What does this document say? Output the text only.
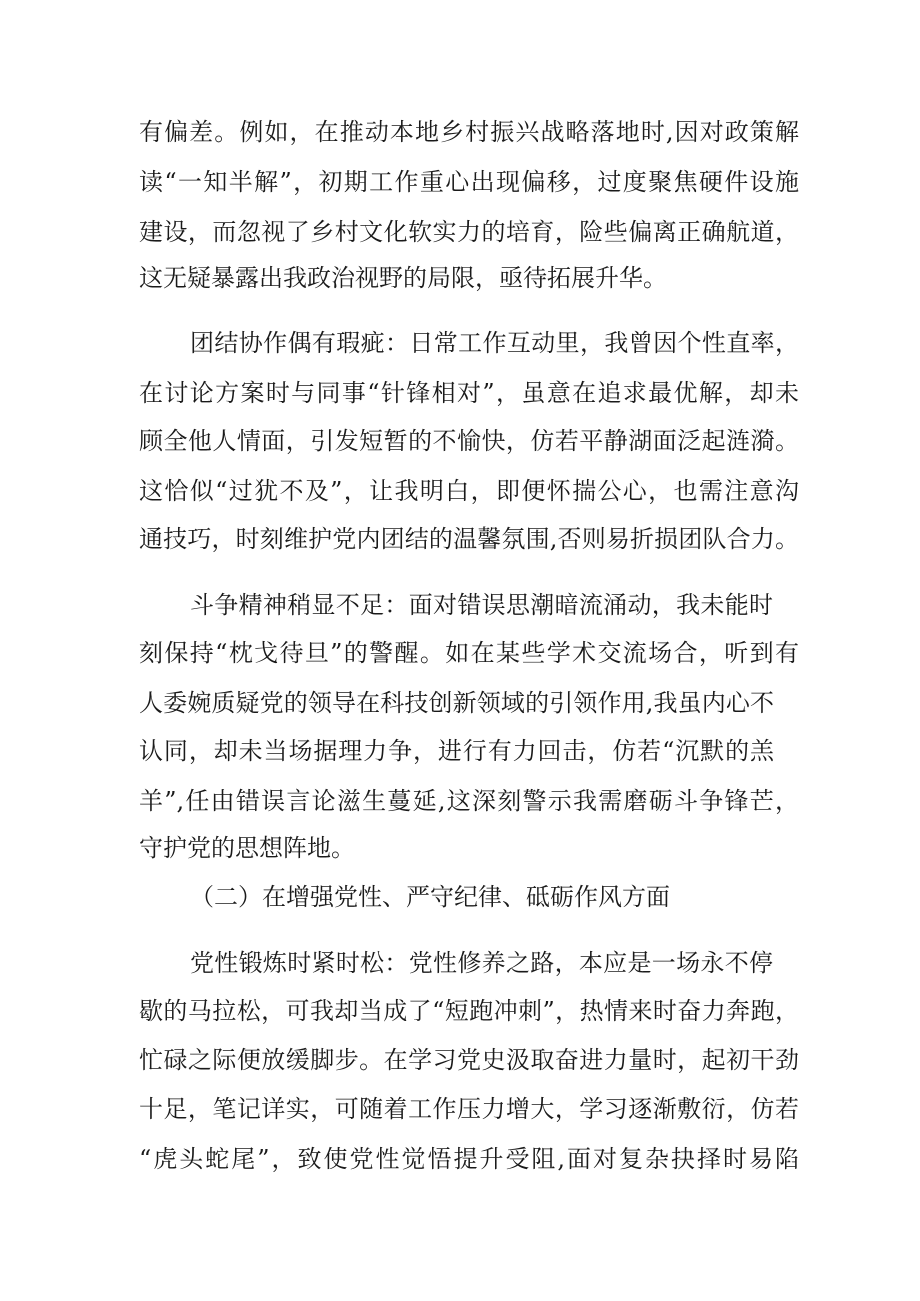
有偏差。例如，在推动本地乡村振兴战略落地时,因对政策解
读“一知半解”，初期工作重心出现偏移，过度聚焦硬件设施
建设，而忽视了乡村文化软实力的培育，险些偏离正确航道，
这无疑暴露出我政治视野的局限，亟待拓展升华。
团结协作偶有瑕疵：日常工作互动里，我曾因个性直率，
在讨论方案时与同事“针锋相对”，虽意在追求最优解，却未
顾全他人情面，引发短暂的不愉快，仿若平静湖面泛起涟漪。
这恰似“过犹不及”，让我明白，即便怀揣公心，也需注意沟
通技巧，时刻维护党内团结的温馨氛围,否则易折损团队合力。
斗争精神稍显不足：面对错误思潮暗流涌动，我未能时
刻保持“枕戈待旦”的警醒。如在某些学术交流场合，听到有
人委婉质疑党的领导在科技创新领域的引领作用,我虽内心不
认同，却未当场据理力争，进行有力回击，仿若“沉默的羔
羊”,任由错误言论滋生蔓延,这深刻警示我需磨砺斗争锋芒，
守护党的思想阵地。
（二）在增强党性、严守纪律、砥砺作风方面
党性锻炼时紧时松：党性修养之路，本应是一场永不停
歇的马拉松，可我却当成了“短跑冲刺”，热情来时奋力奔跑，
忙碌之际便放缓脚步。在学习党史汲取奋进力量时，起初干劲
十足，笔记详实，可随着工作压力增大，学习逐渐敷衍，仿若
“虎头蛇尾”，致使党性觉悟提升受阻,面对复杂抉择时易陷
